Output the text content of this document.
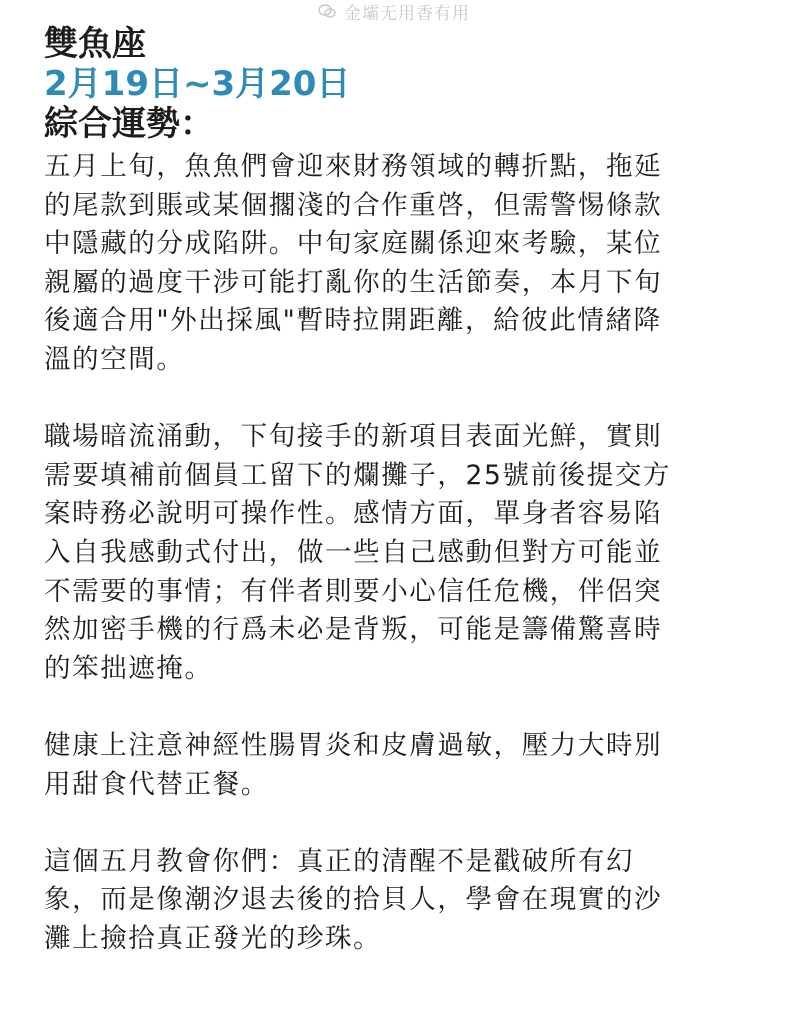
金壩无用香有用
雙魚座
2月19日~3月20日
綜合運勢：
五月上旬，魚魚們會迎來財務領域的轉折點，拖延
的尾款到賬或某個擱淺的合作重啓，但需警惕條款
中隱藏的分成陷阱。中旬家庭關係迎來考驗，某位
親屬的過度干涉可能打亂你的生活節奏，本月下旬
後適合用"外出採風"暫時拉開距離，給彼此情緒降
溫的空間。
職場暗流涌動，下旬接手的新項目表面光鮮，實則
需要填補前個員工留下的爛攤子，25號前後提交方
案時務必說明可操作性。感情方面，單身者容易陷
入自我感動式付出，做一些自己感動但對方可能並
不需要的事情；有伴者則要小心信任危機，伴侶突
然加密手機的行爲未必是背叛，可能是籌備驚喜時
的笨拙遮掩。
健康上注意神經性腸胃炎和皮膚過敏，壓力大時別
用甜食代替正餐。
這個五月教會你們：真正的清醒不是戳破所有幻
象，而是像潮汐退去後的拾貝人，學會在現實的沙
灘上撿拾真正發光的珍珠。
